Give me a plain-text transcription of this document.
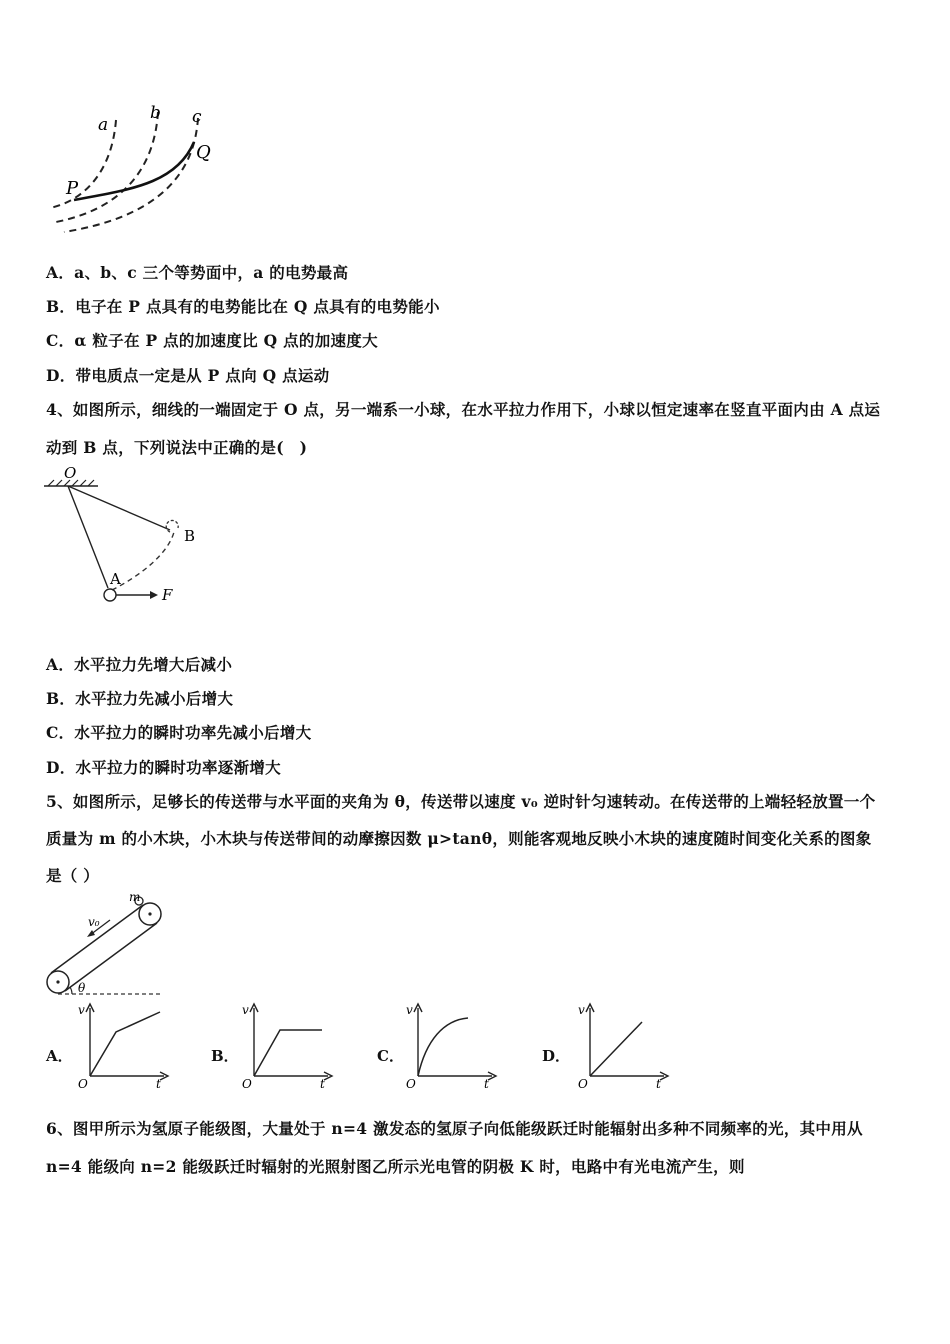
a
b c
P
Q
A．a、b、c 三个等势面中，a 的电势最高
B．电子在 P 点具有的电势能比在 Q 点具有的电势能小
C．α 粒子在 P 点的加速度比 Q 点的加速度大
D．带电质点一定是从 P 点向 Q 点运动
4、如图所示，细线的一端固定于 O 点，另一端系一小球，在水平拉力作用下，小球以恒定速率在竖直平面内由 A 点运
动到 B 点，下列说法中正确的是(　)
O
A
B
F
A．水平拉力先增大后减小
B．水平拉力先减小后增大
C．水平拉力的瞬时功率先减小后增大
D．水平拉力的瞬时功率逐渐增大
5、如图所示，足够长的传送带与水平面的夹角为 θ，传送带以速度 v₀ 逆时针匀速转动。在传送带的上端轻轻放置一个
质量为 m 的小木块，小木块与传送带间的动摩擦因数 μ>tanθ，则能客观地反映小木块的速度随时间变化关系的图象
是（ ）
m
v₀
θ
A．
v
t
O
B．
v
t
O
C．
v
t
O
D．
v
t
O
6、图甲所示为氢原子能级图，大量处于 n=4 激发态的氢原子向低能级跃迁时能辐射出多种不同频率的光，其中用从
n=4 能级向 n=2 能级跃迁时辐射的光照射图乙所示光电管的阴极 K 时，电路中有光电流产生，则
